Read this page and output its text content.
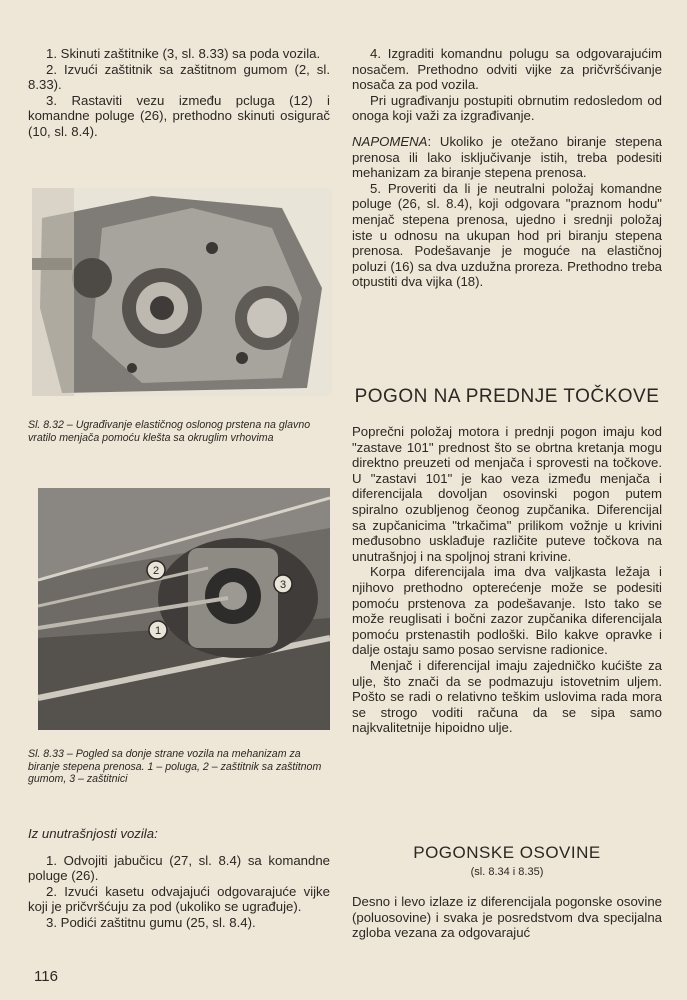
1. Skinuti zaštitnike (3, sl. 8.33) sa poda vozila.

2. Izvući zaštitnik sa zaštitnom gumom (2, sl. 8.33).

3. Rastaviti vezu između pcluga (12) i komandne poluge (26), prethodno skinuti osigurač (10, sl. 8.4).

Sl. 8.32 – Ugrađivanje elastičnog oslonog prstena na glavno vratilo menjača pomoću klešta sa okruglim vrhovima
2
1
3
Sl. 8.33 – Pogled sa donje strane vozila na mehanizam za biranje stepena prenosa. 1 – poluga, 2 – zaštitnik sa zaštitnom gumom, 3 – zaštitnici

Iz unutrašnjosti vozila:

1. Odvojiti jabučicu (27, sl. 8.4) sa komandne poluge (26).

2. Izvući kasetu odvajajući odgovarajuće vijke koji je pričvršćuju za pod (ukoliko se ugrađuje).

3. Podići zaštitnu gumu (25, sl. 8.4).

4. Izgraditi komandnu polugu sa odgovarajućim nosačem. Prethodno odviti vijke za pričvršćivanje nosača za pod vozila.

Pri ugrađivanju postupiti obrnutim redosledom od onoga koji važi za izgrađivanje.

NAPOMENA: Ukoliko je otežano biranje stepena prenosa ili lako isključivanje istih, treba podesiti mehanizam za biranje stepena prenosa.

5. Proveriti da li je neutralni položaj komandne poluge (26, sl. 8.4), koji odgovara "praznom hodu" menjač stepena prenosa, ujedno i srednji položaj iste u odnosu na ukupan hod pri biranju stepena prenosa. Podešavanje je moguće na elastičnoj poluzi (16) sa dva uzdužna proreza. Prethodno treba otpustiti dva vijka (18).

POGON NA PREDNJE TOČKOVE

Poprečni položaj motora i prednji pogon imaju kod "zastave 101" prednost što se obrtna kretanja mogu direktno preuzeti od menjača i sprovesti na točkove. U "zastavi 101" je kao veza između menjača i diferencijala dovoljan osovinski pogon putem spiralno ozubljenog čeonog zupčanika. Diferencijal sa zupčanicima "trkačima" prilikom vožnje u krivini međusobno usklađuje različite puteve točkova na unutrašnjoj i na spoljnoj strani krivine.

Korpa diferencijala ima dva valjkasta ležaja i njihovo prethodno opterećenje može se podesiti pomoću prstenova za podešavanje. Isto tako se može reuglisati i bočni zazor zupčanika diferencijala pomoću prstenastih podloški. Bilo kakve opravke i dalje ostaju samo posao servisne radionice.

Menjač i diferencijal imaju zajedničko kućište za ulje, što znači da se podmazuju istovetnim uljem. Pošto se radi o relativno teškim uslovima rada mora se strogo voditi računa da se sipa samo najkvalitetnije hipoidno ulje.

POGONSKE OSOVINE
(sl. 8.34 i 8.35)

Desno i levo izlaze iz diferencijala pogonske osovine (poluosovine) i svaka je posredstvom dva specijalna zgloba vezana za odgovarajuć

116
